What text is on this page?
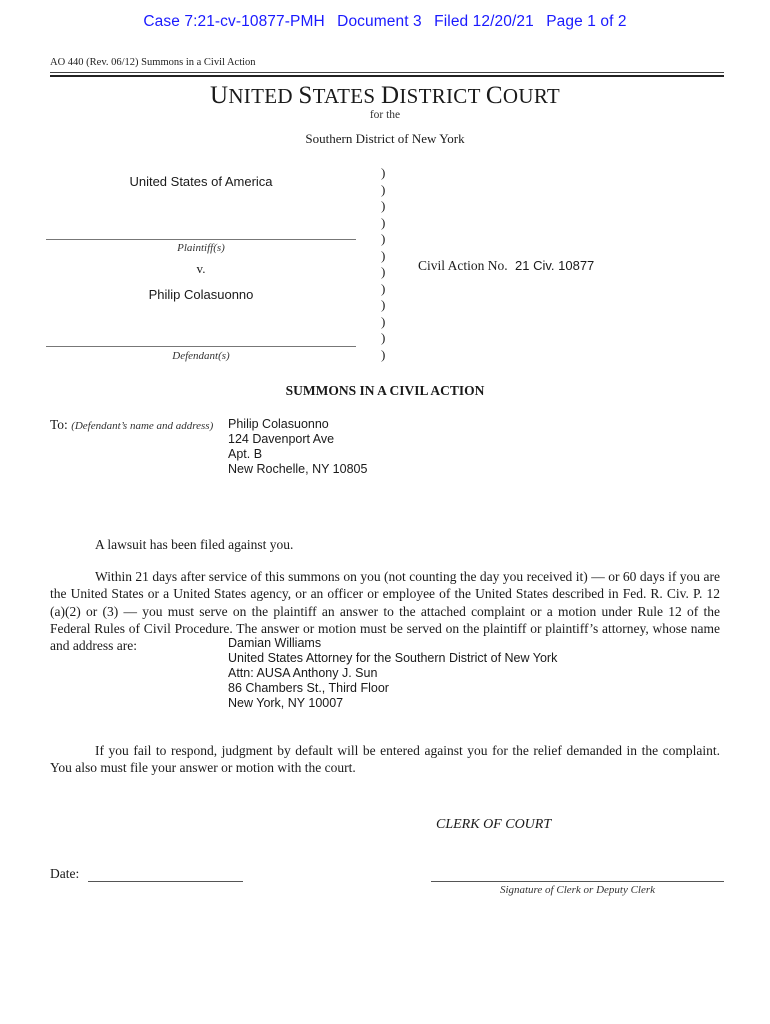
Case 7:21-cv-10877-PMH Document 3 Filed 12/20/21 Page 1 of 2
AO 440 (Rev. 06/12) Summons in a Civil Action
UNITED STATES DISTRICT COURT
for the
Southern District of New York
United States of America
Plaintiff(s)
v.
Philip Colasuonno
Defendant(s)
)
)
)
)
)
)
)
)
)
)
)
)
Civil Action No. 21 Civ. 10877
SUMMONS IN A CIVIL ACTION
To: (Defendant’s name and address) Philip Colasuonno
124 Davenport Ave
Apt. B
New Rochelle, NY 10805
A lawsuit has been filed against you.
Within 21 days after service of this summons on you (not counting the day you received it) — or 60 days if you are the United States or a United States agency, or an officer or employee of the United States described in Fed. R. Civ. P. 12 (a)(2) or (3) — you must serve on the plaintiff an answer to the attached complaint or a motion under Rule 12 of the Federal Rules of Civil Procedure. The answer or motion must be served on the plaintiff or plaintiff’s attorney, whose name and address are:	Damian Williams
United States Attorney for the Southern District of New York
Attn: AUSA Anthony J. Sun
86 Chambers St., Third Floor
New York, NY 10007
If you fail to respond, judgment by default will be entered against you for the relief demanded in the complaint. You also must file your answer or motion with the court.
CLERK OF COURT
Date:
Signature of Clerk or Deputy Clerk
